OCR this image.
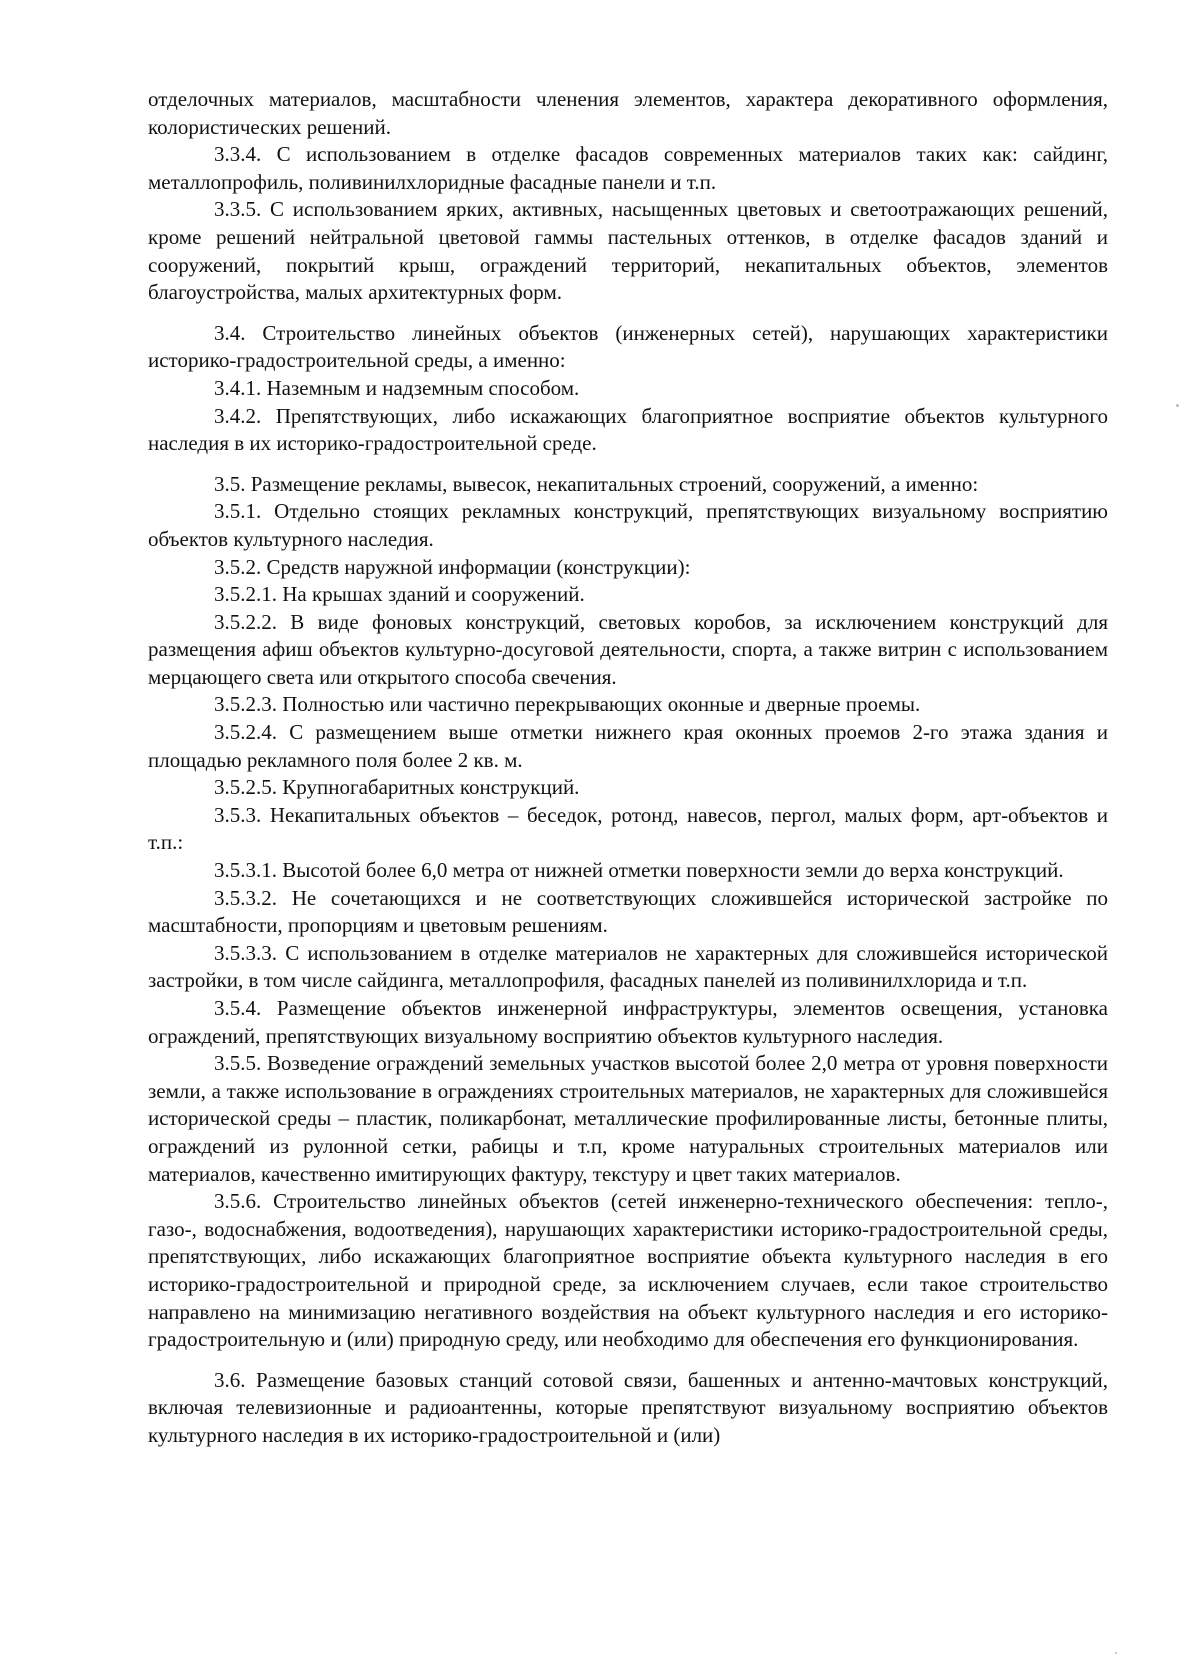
отделочных материалов, масштабности членения элементов, характера декоративного оформления, колористических решений.

3.3.4. С использованием в отделке фасадов современных материалов таких как: сайдинг, металлопрофиль, поливинилхлоридные фасадные панели и т.п.

3.3.5. С использованием ярких, активных, насыщенных цветовых и светоотражающих решений, кроме решений нейтральной цветовой гаммы пастельных оттенков, в отделке фасадов зданий и сооружений, покрытий крыш, ограждений территорий, некапитальных объектов, элементов благоустройства, малых архитектурных форм.

3.4. Строительство линейных объектов (инженерных сетей), нарушающих характеристики историко-градостроительной среды, а именно:

3.4.1. Наземным и надземным способом.

3.4.2. Препятствующих, либо искажающих благоприятное восприятие объектов культурного наследия в их историко-градостроительной среде.

3.5. Размещение рекламы, вывесок, некапитальных строений, сооружений, а именно:

3.5.1. Отдельно стоящих рекламных конструкций, препятствующих визуальному восприятию объектов культурного наследия.

3.5.2. Средств наружной информации (конструкции):

3.5.2.1. На крышах зданий и сооружений.

3.5.2.2. В виде фоновых конструкций, световых коробов, за исключением конструкций для размещения афиш объектов культурно-досуговой деятельности, спорта, а также витрин с использованием мерцающего света или открытого способа свечения.

3.5.2.3. Полностью или частично перекрывающих оконные и дверные проемы.

3.5.2.4. С размещением выше отметки нижнего края оконных проемов 2-го этажа здания и площадью рекламного поля более 2 кв. м.

3.5.2.5. Крупногабаритных конструкций.

3.5.3. Некапитальных объектов – беседок, ротонд, навесов, пергол, малых форм, арт-объектов и т.п.:

3.5.3.1. Высотой более 6,0 метра от нижней отметки поверхности земли до верха конструкций.

3.5.3.2. Не сочетающихся и не соответствующих сложившейся исторической застройке по масштабности, пропорциям и цветовым решениям.

3.5.3.3. С использованием в отделке материалов не характерных для сложившейся исторической застройки, в том числе сайдинга, металлопрофиля, фасадных панелей из поливинилхлорида и т.п.

3.5.4. Размещение объектов инженерной инфраструктуры, элементов освещения, установка ограждений, препятствующих визуальному восприятию объектов культурного наследия.

3.5.5. Возведение ограждений земельных участков высотой более 2,0 метра от уровня поверхности земли, а также использование в ограждениях строительных материалов, не характерных для сложившейся исторической среды – пластик, поликарбонат, металлические профилированные листы, бетонные плиты, ограждений из рулонной сетки, рабицы и т.п, кроме натуральных строительных материалов или материалов, качественно имитирующих фактуру, текстуру и цвет таких материалов.

3.5.6. Строительство линейных объектов (сетей инженерно-технического обеспечения: тепло-, газо-, водоснабжения, водоотведения), нарушающих характеристики историко-градостроительной среды, препятствующих, либо искажающих благоприятное восприятие объекта культурного наследия в его историко-градостроительной и природной среде, за исключением случаев, если такое строительство направлено на минимизацию негативного воздействия на объект культурного наследия и его историко-градостроительную и (или) природную среду, или необходимо для обеспечения его функционирования.

3.6. Размещение базовых станций сотовой связи, башенных и антенно-мачтовых конструкций, включая телевизионные и радиоантенны, которые препятствуют визуальному восприятию объектов культурного наследия в их историко-градостроительной и (или)
